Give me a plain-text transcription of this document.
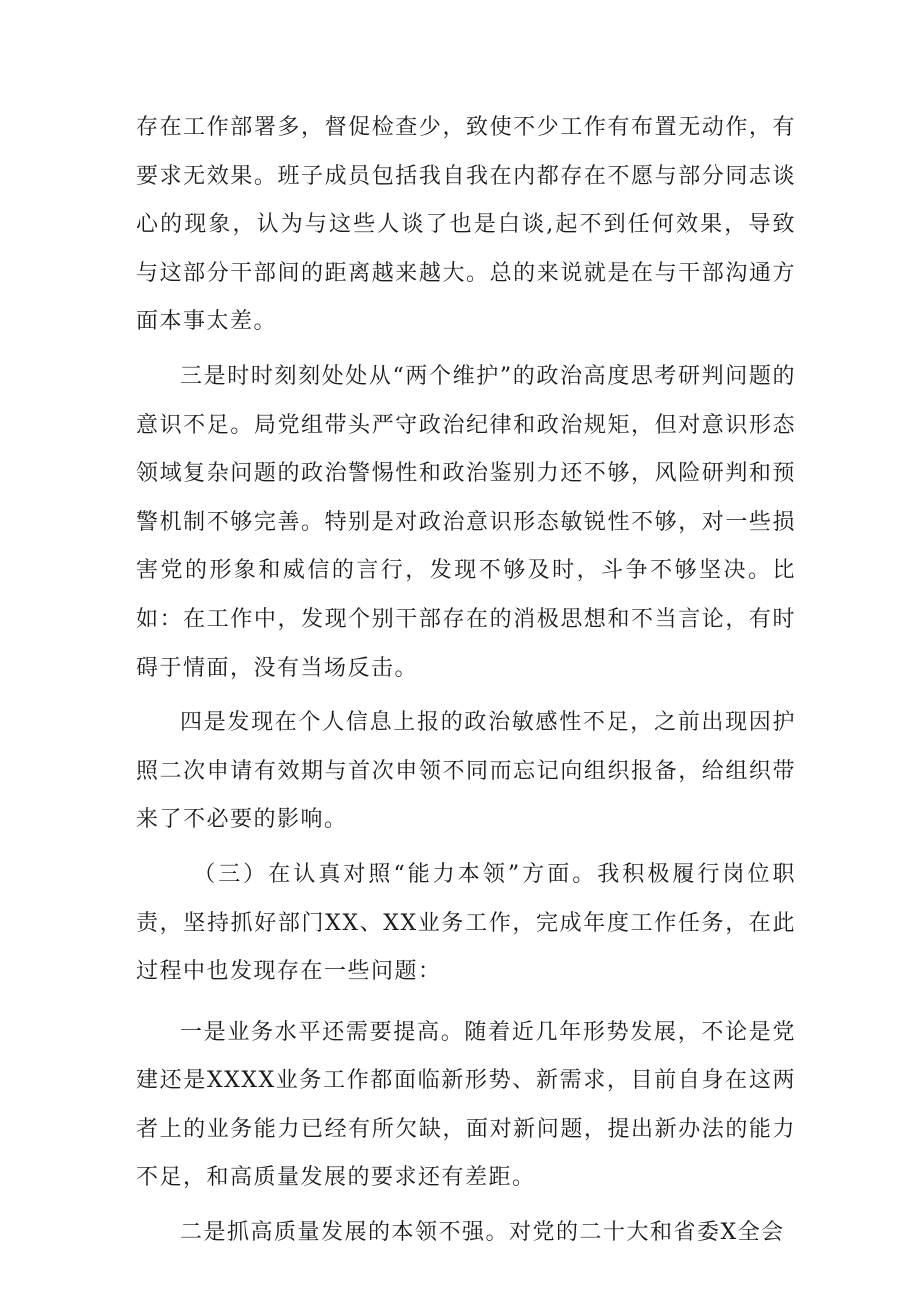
存在工作部署多，督促检查少，致使不少工作有布置无动作，有要求无效果。班子成员包括我自我在内都存在不愿与部分同志谈心的现象，认为与这些人谈了也是白谈,起不到任何效果，导致与这部分干部间的距离越来越大。总的来说就是在与干部沟通方面本事太差。

三是时时刻刻处处从“两个维护”的政治高度思考研判问题的意识不足。局党组带头严守政治纪律和政治规矩，但对意识形态领域复杂问题的政治警惕性和政治鉴别力还不够，风险研判和预警机制不够完善。特别是对政治意识形态敏锐性不够，对一些损害党的形象和威信的言行，发现不够及时，斗争不够坚决。比如：在工作中，发现个别干部存在的消极思想和不当言论，有时碍于情面，没有当场反击。

四是发现在个人信息上报的政治敏感性不足，之前出现因护照二次申请有效期与首次申领不同而忘记向组织报备，给组织带来了不必要的影响。

（三）在认真对照“能力本领”方面。我积极履行岗位职责，坚持抓好部门XX、XX业务工作，完成年度工作任务，在此过程中也发现存在一些问题：

一是业务水平还需要提高。随着近几年形势发展，不论是党建还是XXXX业务工作都面临新形势、新需求，目前自身在这两者上的业务能力已经有所欠缺，面对新问题，提出新办法的能力不足，和高质量发展的要求还有差距。

二是抓高质量发展的本领不强。对党的二十大和省委X全会
